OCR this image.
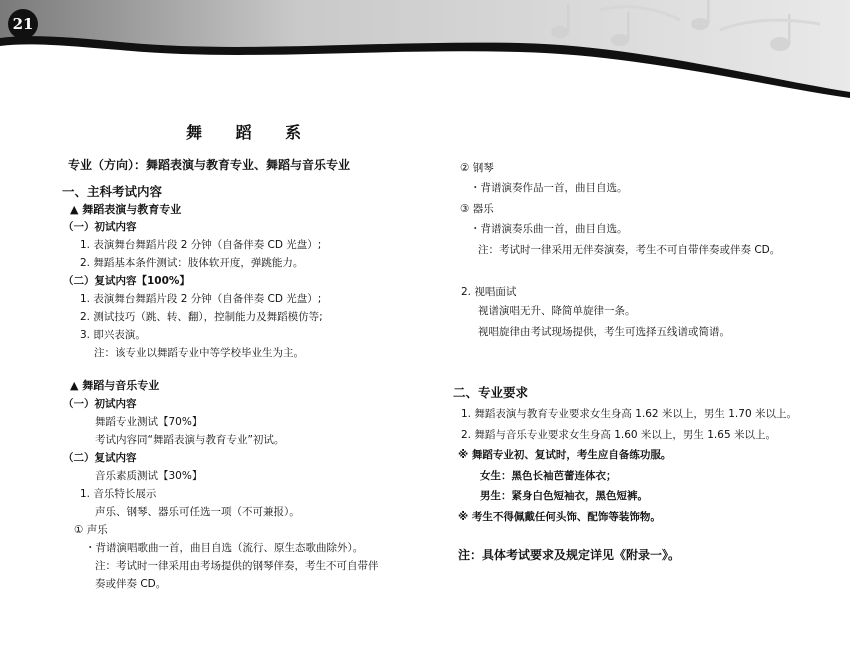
21
舞 蹈 系
专业（方向）：舞蹈表演与教育专业、舞蹈与音乐专业
一、主科考试内容
▲ 舞蹈表演与教育专业
（一）初试内容
1. 表演舞台舞蹈片段 2 分钟（自备伴奏 CD 光盘）;
2. 舞蹈基本条件测试：肢体软开度，弹跳能力。
（二）复试内容【100%】
1. 表演舞台舞蹈片段 2 分钟（自备伴奏 CD 光盘）;
2. 测试技巧（跳、转、翻），控制能力及舞蹈模仿等;
3. 即兴表演。
注：该专业以舞蹈专业中等学校毕业生为主。
▲ 舞蹈与音乐专业
（一）初试内容
舞蹈专业测试【70%】
考试内容同“舞蹈表演与教育专业”初试。
（二）复试内容
音乐素质测试【30%】
1. 音乐特长展示
声乐、钢琴、器乐可任选一项（不可兼报）。
① 声乐
・背谱演唱歌曲一首，曲目自选（流行、原生态歌曲除外）。
注：考试时一律采用由考场提供的钢琴伴奏，考生不可自带伴
奏或伴奏 CD。
② 钢琴
・背谱演奏作品一首，曲目自选。
③ 器乐
・背谱演奏乐曲一首，曲目自选。
注：考试时一律采用无伴奏演奏，考生不可自带伴奏或伴奏 CD。
2. 视唱面试
视谱演唱无升、降简单旋律一条。
视唱旋律由考试现场提供，考生可选择五线谱或简谱。
二、专业要求
1. 舞蹈表演与教育专业要求女生身高 1.62 米以上，男生 1.70 米以上。
2. 舞蹈与音乐专业要求女生身高 1.60 米以上，男生 1.65 米以上。
※ 舞蹈专业初、复试时，考生应自备练功服。
女生：黑色长袖芭蕾连体衣；
男生：紧身白色短袖衣，黑色短裤。
※ 考生不得佩戴任何头饰、配饰等装饰物。
注：具体考试要求及规定详见《附录一》。
